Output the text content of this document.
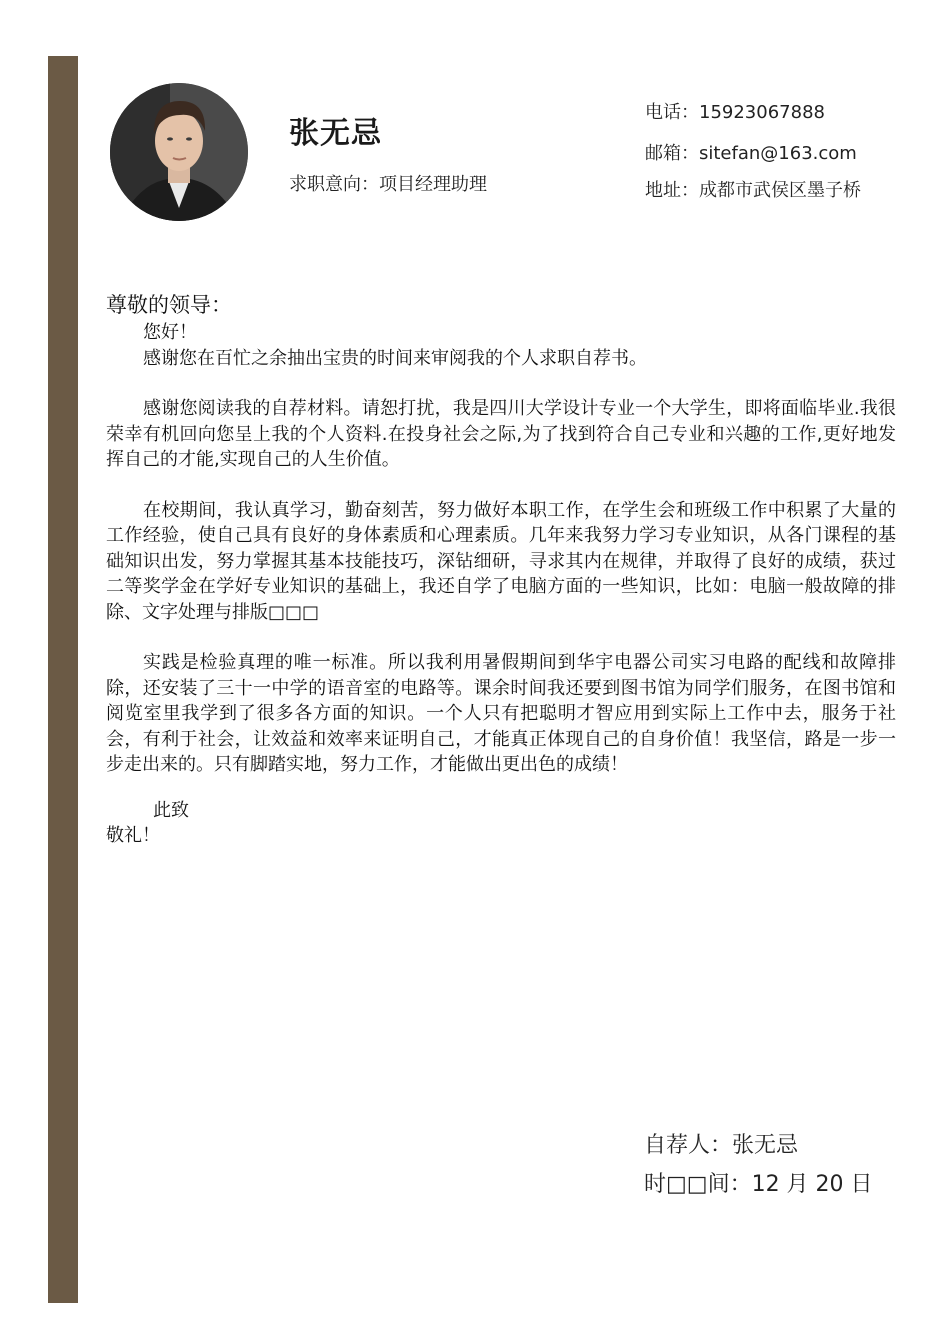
张无忌
求职意向：项目经理助理
电话：15923067888
邮箱：sitefan@163.com
地址：成都市武侯区墨子桥

尊敬的领导：

您好！

感谢您在百忙之余抽出宝贵的时间来审阅我的个人求职自荐书。

感谢您阅读我的自荐材料。请恕打扰，我是四川大学设计专业一个大学生，即将面临毕业.我很荣幸有机回向您呈上我的个人资料.在投身社会之际,为了找到符合自己专业和兴趣的工作,更好地发挥自己的才能,实现自己的人生价值。

在校期间，我认真学习，勤奋刻苦，努力做好本职工作，在学生会和班级工作中积累了大量的工作经验，使自己具有良好的身体素质和心理素质。几年来我努力学习专业知识，从各门课程的基础知识出发，努力掌握其基本技能技巧，深钻细研，寻求其内在规律，并取得了良好的成绩，获过二等奖学金在学好专业知识的基础上，我还自学了电脑方面的一些知识，比如：电脑一般故障的排除、文字处理与排版□□□

实践是检验真理的唯一标准。所以我利用暑假期间到华宇电器公司实习电路的配线和故障排除，还安装了三十一中学的语音室的电路等。课余时间我还要到图书馆为同学们服务，在图书馆和阅览室里我学到了很多各方面的知识。一个人只有把聪明才智应用到实际上工作中去，服务于社会，有利于社会，让效益和效率来证明自己，才能真正体现自己的自身价值！我坚信，路是一步一步走出来的。只有脚踏实地，努力工作，才能做出更出色的成绩！

此致

敬礼！

自荐人：张无忌
时□□间：12 月 20 日
